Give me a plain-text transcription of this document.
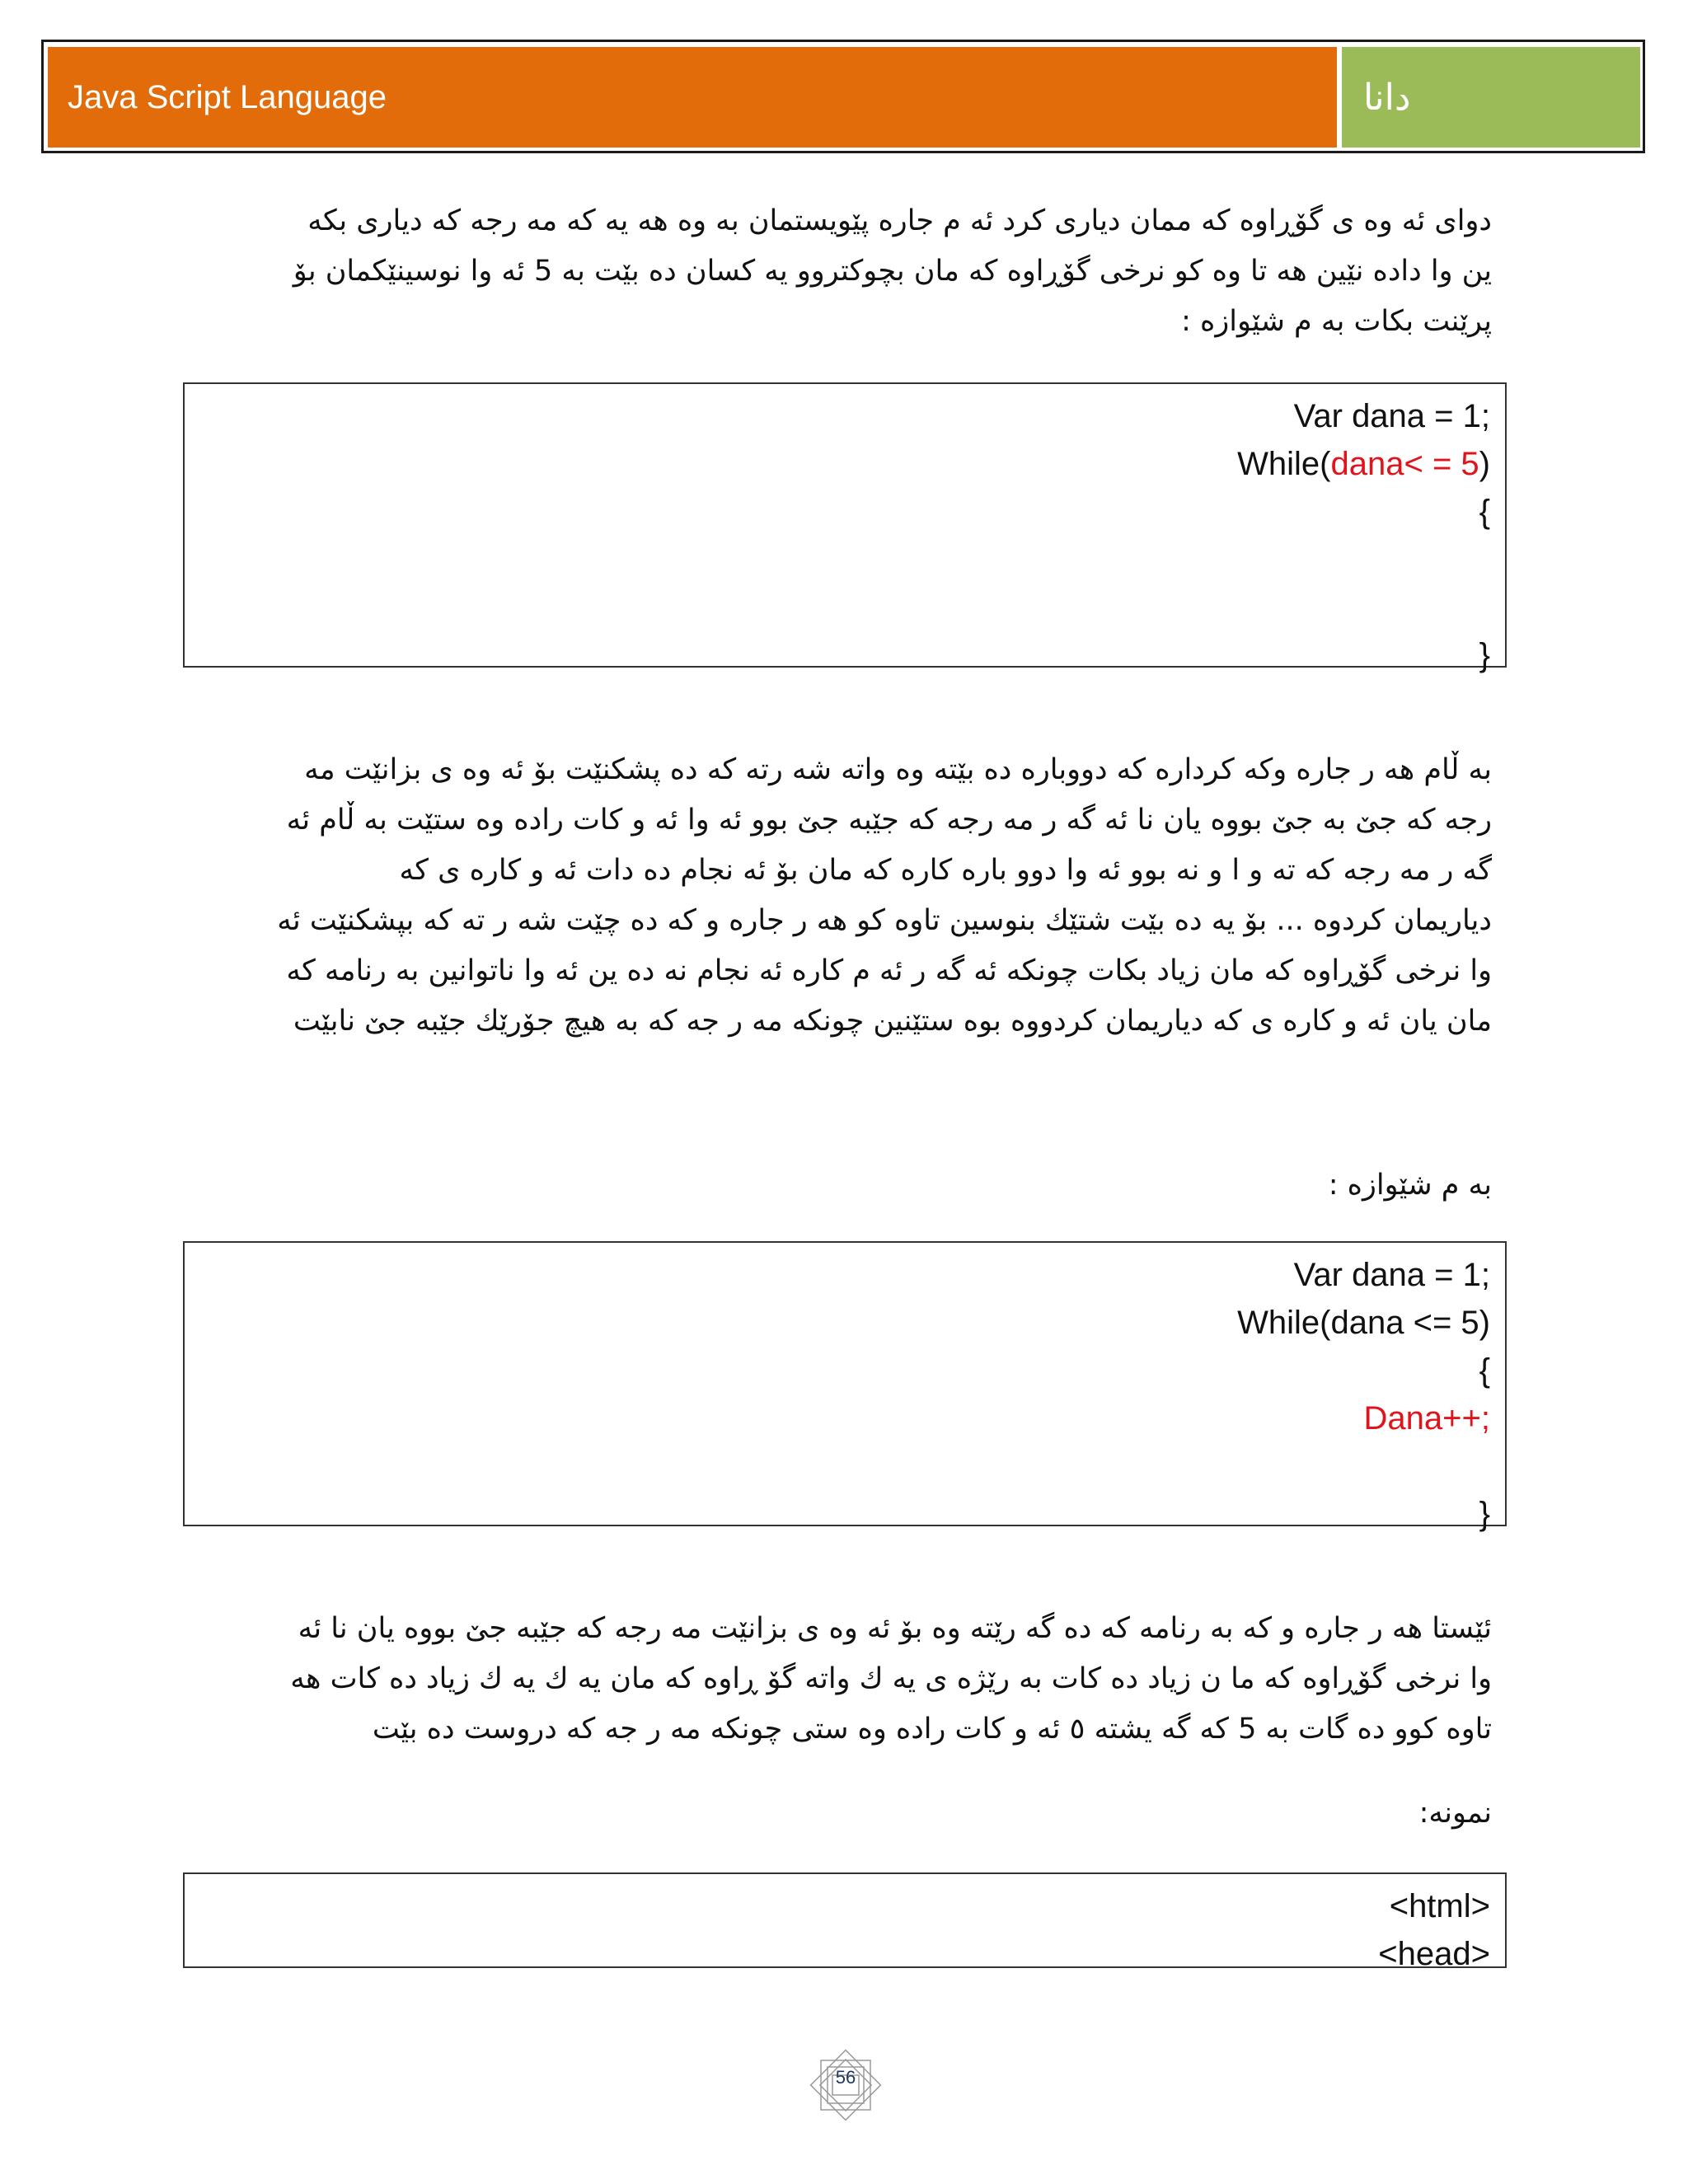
Java Script Language	دانا

دوای ئه وه ی گۆڕاوه كه ممان دیاری كرد ئه م جاره پێویستمان به وه هه یه كه مه رجه كه دیاری بكه

ین وا داده نێین هه تا وه كو نرخی گۆڕاوه كه مان بچوكتروو یه كسان ده بێت به 5 ئه وا نوسینێكمان بۆ

پرێنت بكات به م شێوازه :

Var dana = 1;
While(dana< = 5)
{
}

به ڵام هه ر جاره وكه كرداره كه دووباره ده بێته وه واته شه رته كه ده پشكنێت بۆ ئه وه ی بزانێت مه

رجه كه جێ به جێ بووه یان نا ئه گه ر مه رجه كه جێبه جێ بوو ئه وا ئه و كات راده وه ستێت به ڵام ئه

گه ر مه رجه كه ته و ا و نه بوو ئه وا دوو باره كاره كه مان بۆ ئه نجام ده دات ئه و كاره ی كه

دیاریمان كردوه ... بۆ یه ده بێت شتێك بنوسین تاوه كو هه ر جاره و كه ده چێت شه ر ته كه بپشكنێت ئه

وا نرخی گۆڕاوه كه مان زیاد بكات چونكه ئه گه ر ئه م كاره ئه نجام نه ده ین ئه وا ناتوانین به رنامه كه

مان یان ئه و كاره ی كه دیاریمان كردووه بوه ستێنین چونكه مه ر جه كه به هیچ جۆرێك جێبه جێ نابێت

به م شێوازه :

Var dana = 1;
While(dana <= 5)
{
Dana++;
}

ئێستا هه ر جاره و كه به رنامه كه ده گه رێته وه بۆ ئه وه ی بزانێت مه رجه كه جێبه جێ بووه یان نا ئه

وا نرخی گۆڕاوه كه ما ن زیاد ده كات به رێژه ی یه ك واته گۆ ڕاوه كه مان یه ك یه ك زیاد ده كات هه

تاوه كوو ده گات به 5 كه گه یشته ٥ ئه و كات راده وه ستی چونكه مه ر جه كه دروست ده بێت

نمونه:

<html>
<head>
56
